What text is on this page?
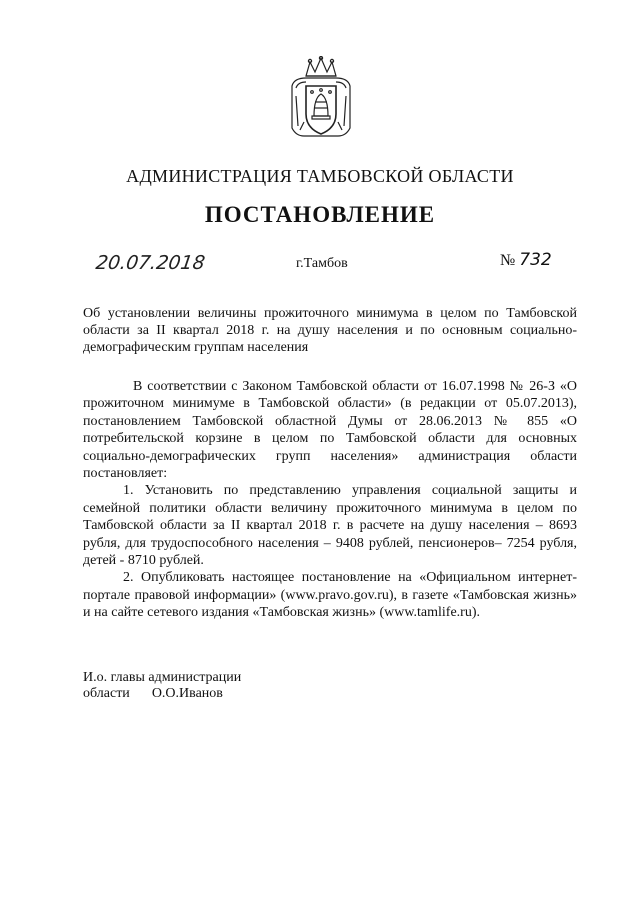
АДМИНИСТРАЦИЯ ТАМБОВСКОЙ ОБЛАСТИ
ПОСТАНОВЛЕНИЕ
20.07.2018	г.Тамбов	№ 732
Об установлении величины прожиточного минимума в целом по Тамбовской области за II квартал 2018 г. на душу населения и по основным социально-демографическим группам населения

В соответствии с Законом Тамбовской области от 16.07.1998 № 26-З «О прожиточном минимуме в Тамбовской области» (в редакции от 05.07.2013), постановлением Тамбовской областной Думы от 28.06.2013 № 855 «О потребительской корзине в целом по Тамбовской области для основных социально-демографических групп населения» администрация области постановляет:

1. Установить по представлению управления социальной защиты и семейной политики области величину прожиточного минимума в целом по Тамбовской области за II квартал 2018 г. в расчете на душу населения – 8693 рубля, для трудоспособного населения – 9408 рублей, пенсионеров– 7254 рубля, детей - 8710 рублей.

2. Опубликовать настоящее постановление на «Официальном интернет-портале правовой информации» (www.pravo.gov.ru), в газете «Тамбовская жизнь» и на сайте сетевого издания «Тамбовская жизнь» (www.tamlife.ru).

И.о. главы администрации
области О.О.Иванов
